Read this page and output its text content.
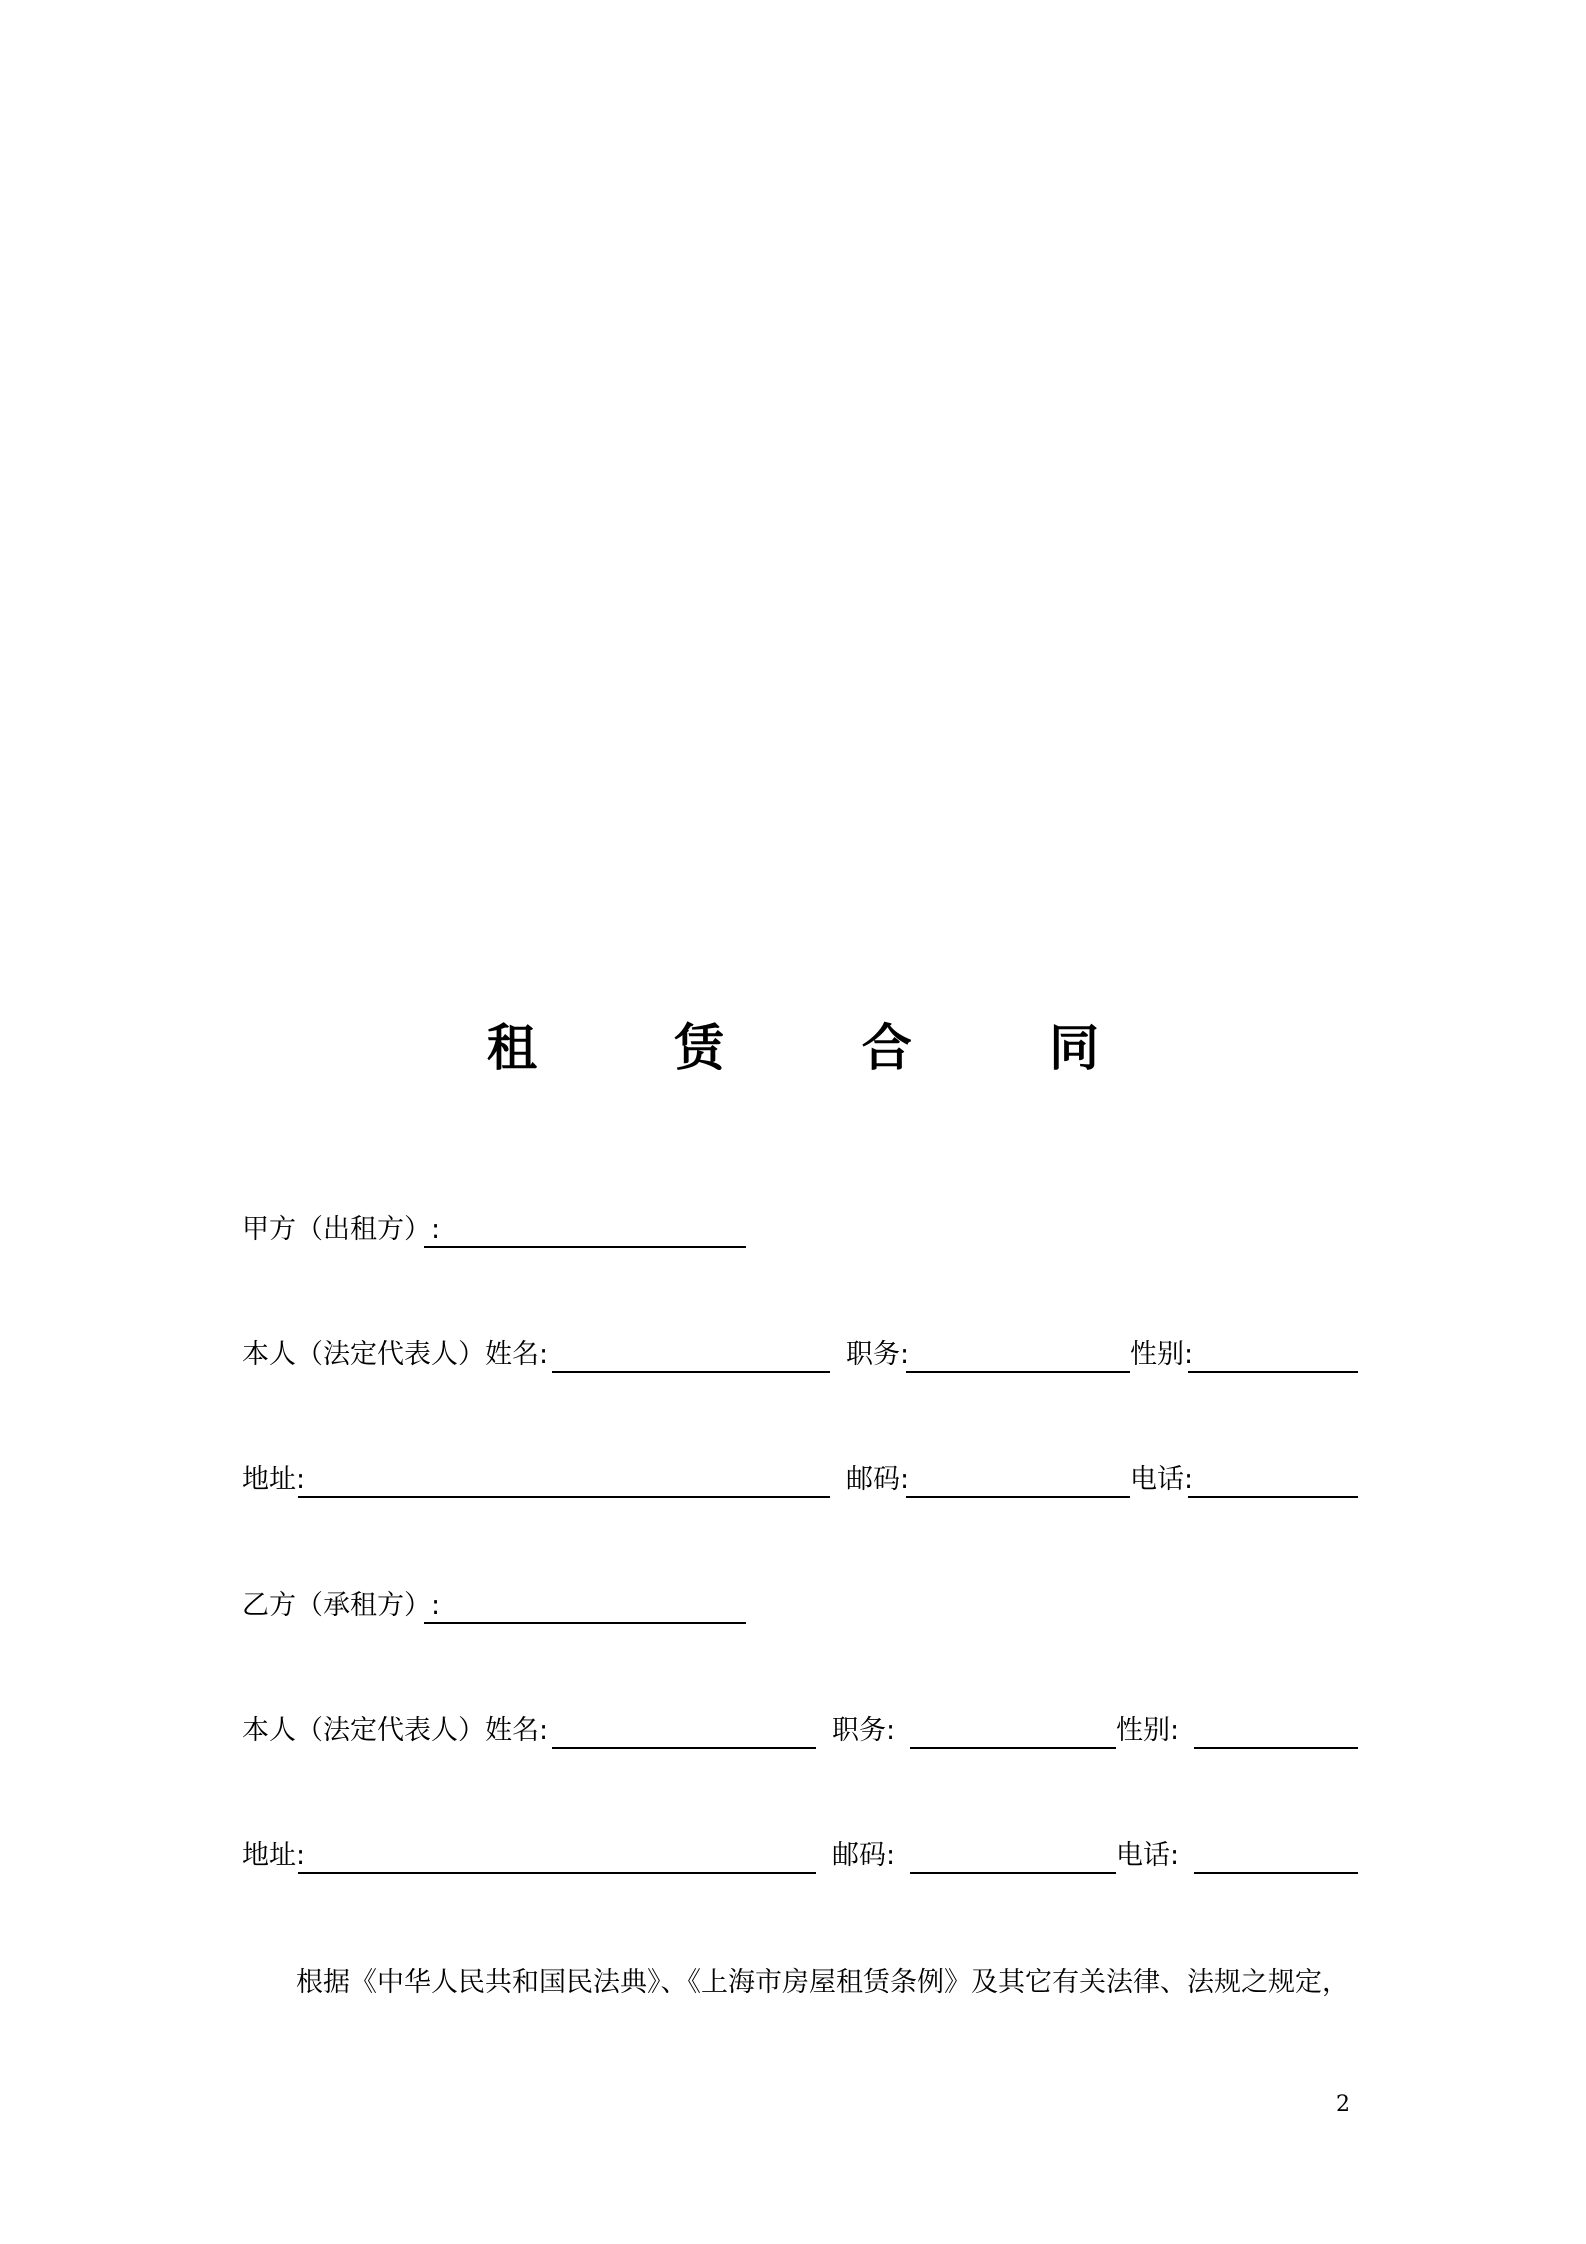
租 赁 合 同
甲方（出租方）:
本人（法定代表人）姓名:	职务:	性别:
地址:	邮码:	电话:
乙方（承租方）:
本人（法定代表人）姓名:	职务:	性别:
地址:	邮码:	电话:
根据《中华人民共和国民法典》、《上海市房屋租赁条例》及其它有关法律、法规之规定，
2
